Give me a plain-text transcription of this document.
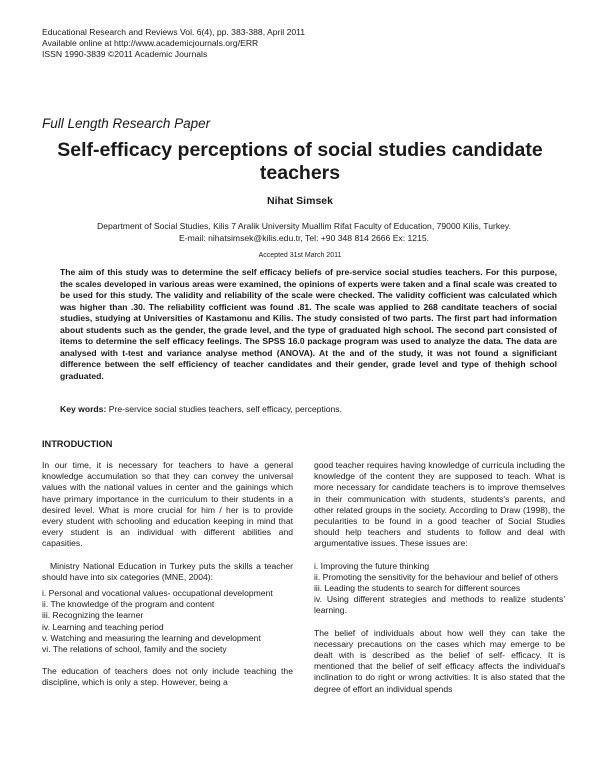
Educational Research and Reviews Vol. 6(4), pp. 383-388, April 2011
Available online at http://www.academicjournals.org/ERR
ISSN 1990-3839 ©2011 Academic Journals
Full Length Research Paper
Self-efficacy perceptions of social studies candidate teachers
Nihat Simsek
Department of Social Studies, Kilis 7 Aralik University Muallim Rifat Faculty of Education, 79000 Kilis, Turkey.
E-mail: nihatsimsek@kilis.edu.tr, Tel: +90 348 814 2666 Ex: 1215.
Accepted 31st March 2011
The aim of this study was to determine the self efficacy beliefs of pre-service social studies teachers. For this purpose, the scales developed in various areas were examined, the opinions of experts were taken and a final scale was created to be used for this study. The validity and reliability of the scale were checked. The validity cofficient was calculated which was higher than .30. The reliability cofficient was found .81. The scale was applied to 268 canditate teachers of social studies, studying at Universities of Kastamonu and Kilis. The study consisted of two parts. The first part had information about students such as the gender, the grade level, and the type of graduated high school. The second part consisted of items to determine the self efficacy feelings. The SPSS 16.0 package program was used to analyze the data. The data are analysed with t-test and variance analyse method (ANOVA). At the and of the study, it was not found a significiant difference between the self efficiency of teacher candidates and their gender, grade level and type of thehigh school graduated.
Key words: Pre-service social studies teachers, self efficacy, perceptions.
INTRODUCTION

In our time, it is necessary for teachers to have a general knowledge accumulation so that they can convey the universal values with the national values in center and the gainings which have primary importance in the curriculum to their students in a desired level. What is more crucial for him / her is to provide every student with schooling and education keeping in mind that every student is an individual with different abilities and capasities.

Ministry National Education in Turkey puts the skills a teacher should have into six categories (MNE, 2004):

i. Personal and vocational values- occupational development
ii. The knowledge of the program and content
iii. Recognizing the learner
iv. Learning and teaching period
v. Watching and measuring the learning and development
vi. The relations of school, family and the society

The education of teachers does not only include teaching the discipline, which is only a step. However, being a

good teacher requires having knowledge of curricula including the knowledge of the content they are supposed to teach. What is more necessary for candidate teachers is to improve themselves in their communication with students, students's parents, and other related groups in the society. According to Draw (1998), the pecularities to be found in a good teacher of Social Studies should help teachers and students to follow and deal with argumentative issues. These issues are:

i. Improving the future thinking
ii. Promoting the sensitivity for the behaviour and belief of others
iii. Leading the students to search for different sources
iv. Using different strategies and methods to realize students' learning.

The belief of individuals about how well they can take the necessary precautions on the cases which may emerge to be dealt with is described as the belief of self- efficacy. It is mentioned that the belief of self efficacy affects the individual's inclination to do right or wrong activities. It is also stated that the degree of effort an individual spends
